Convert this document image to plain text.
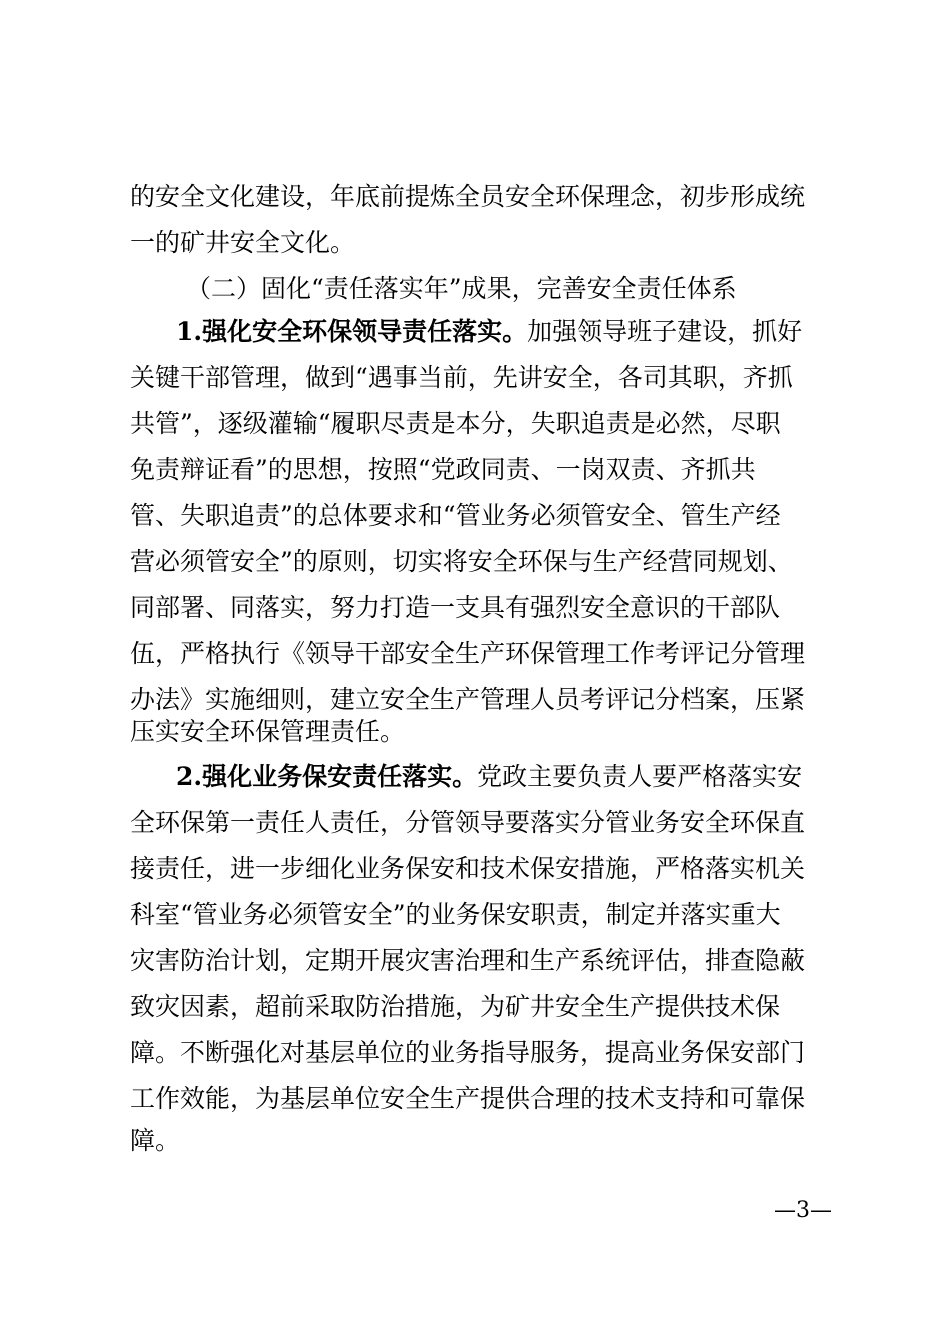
的安全文化建设，年底前提炼全员安全环保理念，初步形成统
一的矿井安全文化。
（二）固化“责任落实年”成果，完善安全责任体系
1.强化安全环保领导责任落实。加强领导班子建设，抓好
关键干部管理，做到“遇事当前，先讲安全，各司其职，齐抓
共管”，逐级灌输“履职尽责是本分，失职追责是必然，尽职
免责辩证看”的思想，按照“党政同责、一岗双责、齐抓共
管、失职追责”的总体要求和“管业务必须管安全、管生产经
营必须管安全”的原则，切实将安全环保与生产经营同规划、
同部署、同落实，努力打造一支具有强烈安全意识的干部队
伍，严格执行《领导干部安全生产环保管理工作考评记分管理
办法》实施细则，建立安全生产管理人员考评记分档案，压紧
压实安全环保管理责任。
2.强化业务保安责任落实。党政主要负责人要严格落实安
全环保第一责任人责任，分管领导要落实分管业务安全环保直
接责任，进一步细化业务保安和技术保安措施，严格落实机关
科室“管业务必须管安全”的业务保安职责，制定并落实重大
灾害防治计划，定期开展灾害治理和生产系统评估，排查隐蔽
致灾因素，超前采取防治措施，为矿井安全生产提供技术保
障。不断强化对基层单位的业务指导服务，提高业务保安部门
工作效能，为基层单位安全生产提供合理的技术支持和可靠保
障。
—3—
